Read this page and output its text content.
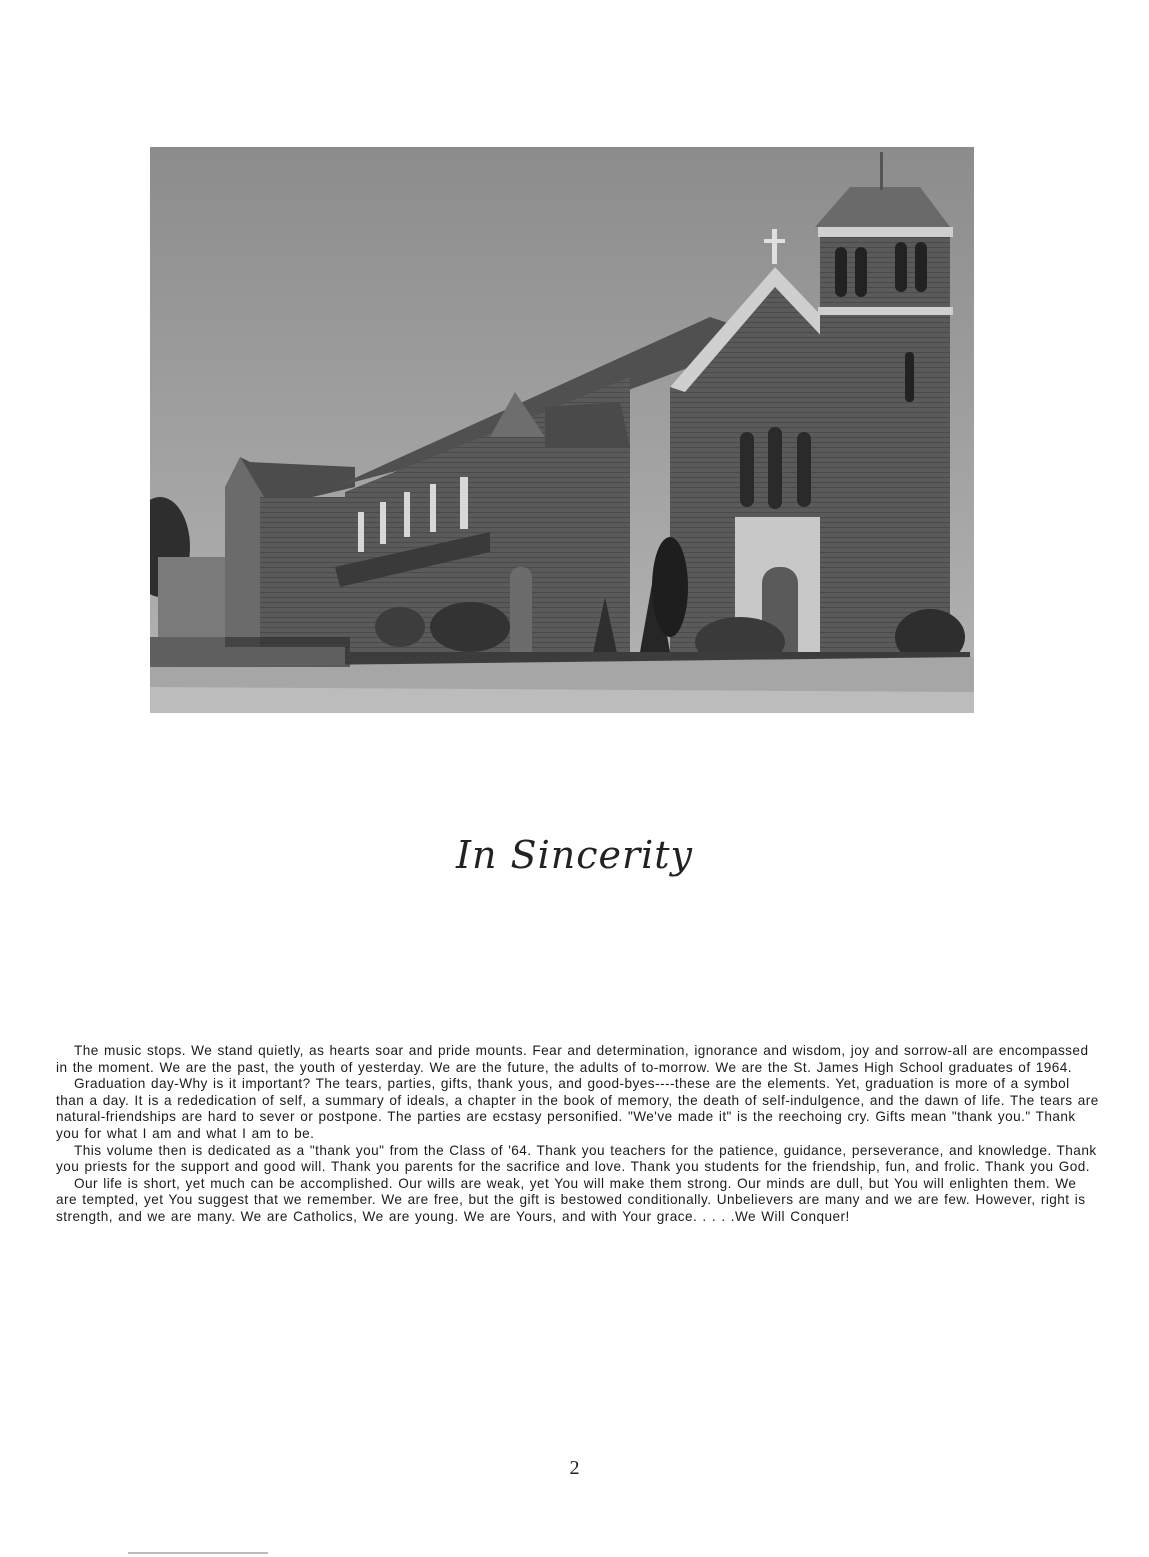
In Sincerity

The music stops. We stand quietly, as hearts soar and pride mounts. Fear and determination, ignorance and wisdom, joy and sorrow-all are encompassed in the moment. We are the past, the youth of yesterday. We are the future, the adults of to-morrow. We are the St. James High School graduates of 1964.

Graduation day-Why is it important? The tears, parties, gifts, thank yous, and good-byes----these are the elements. Yet, graduation is more of a symbol than a day. It is a rededication of self, a summary of ideals, a chapter in the book of memory, the death of self-indulgence, and the dawn of life. The tears are natural-friendships are hard to sever or postpone. The parties are ecstasy personified. "We've made it" is the reechoing cry. Gifts mean "thank you." Thank you for what I am and what I am to be.

This volume then is dedicated as a "thank you" from the Class of '64. Thank you teachers for the patience, guidance, perseverance, and knowledge. Thank you priests for the support and good will. Thank you parents for the sacrifice and love. Thank you students for the friendship, fun, and frolic. Thank you God.

Our life is short, yet much can be accomplished. Our wills are weak, yet You will make them strong. Our minds are dull, but You will enlighten them. We are tempted, yet You suggest that we remember. We are free, but the gift is bestowed conditionally. Unbelievers are many and we are few. However, right is strength, and we are many. We are Catholics, We are young. We are Yours, and with Your grace. . . . .We Will Conquer!

2
